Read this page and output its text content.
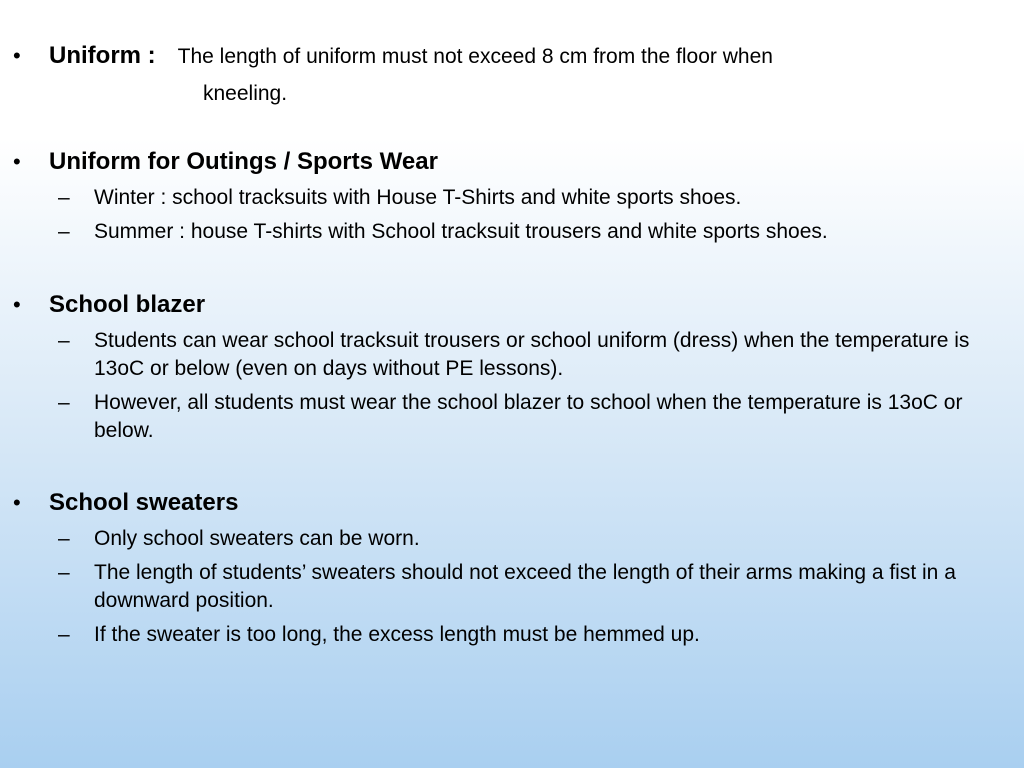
•	Uniform : The length of uniform must not exceed 8 cm from the floor when
kneeling.
•	Uniform for Outings / Sports Wear
–	Winter : school tracksuits with House T-Shirts and white sports shoes.
–	Summer : house T-shirts with School tracksuit trousers and white sports shoes.
•	School blazer
–	Students can wear school tracksuit trousers or school uniform (dress) when the temperature is 13oC or below (even on days without PE lessons).
–	However, all students must wear the school blazer to school when the temperature is 13oC or below.
•	School sweaters
–	Only school sweaters can be worn.
–	The length of students’ sweaters should not exceed the length of their arms making a fist in a downward position.
–	If the sweater is too long, the excess length must be hemmed up.
